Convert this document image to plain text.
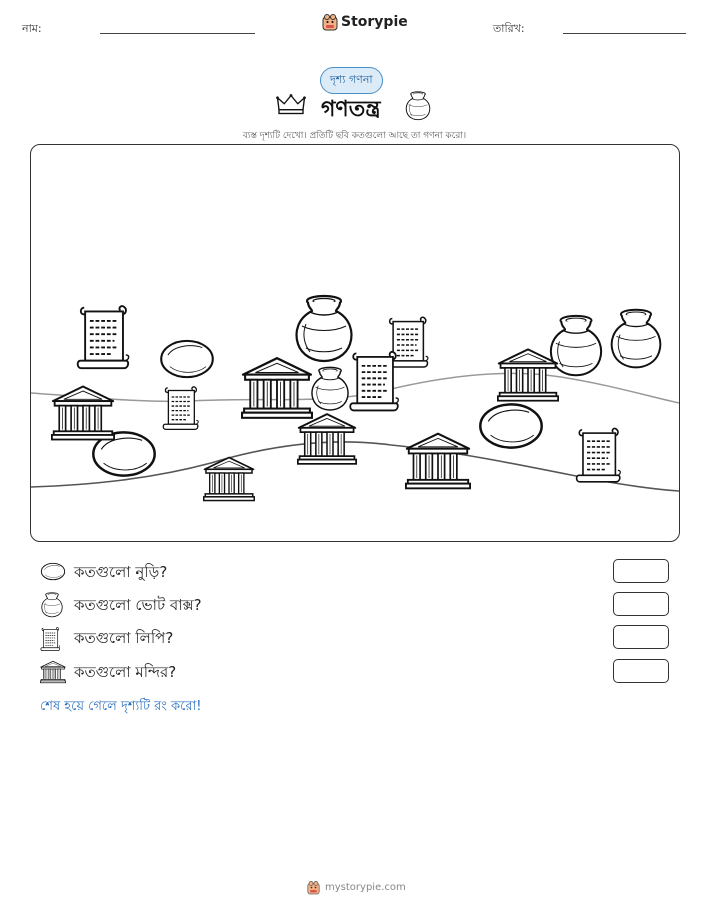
নাম:	Storypie	তারিখ:
দৃশ্য গণনা
গণতন্ত্র
ব্যস্ত দৃশ্যটি দেখো। প্রতিটি ছবি কতগুলো আছে তা গণনা করো।
কতগুলো নুড়ি?
কতগুলো ভোট বাক্স?
কতগুলো লিপি?
কতগুলো মন্দির?
শেষ হয়ে গেলে দৃশ্যটি রং করো!
mystorypie.com
